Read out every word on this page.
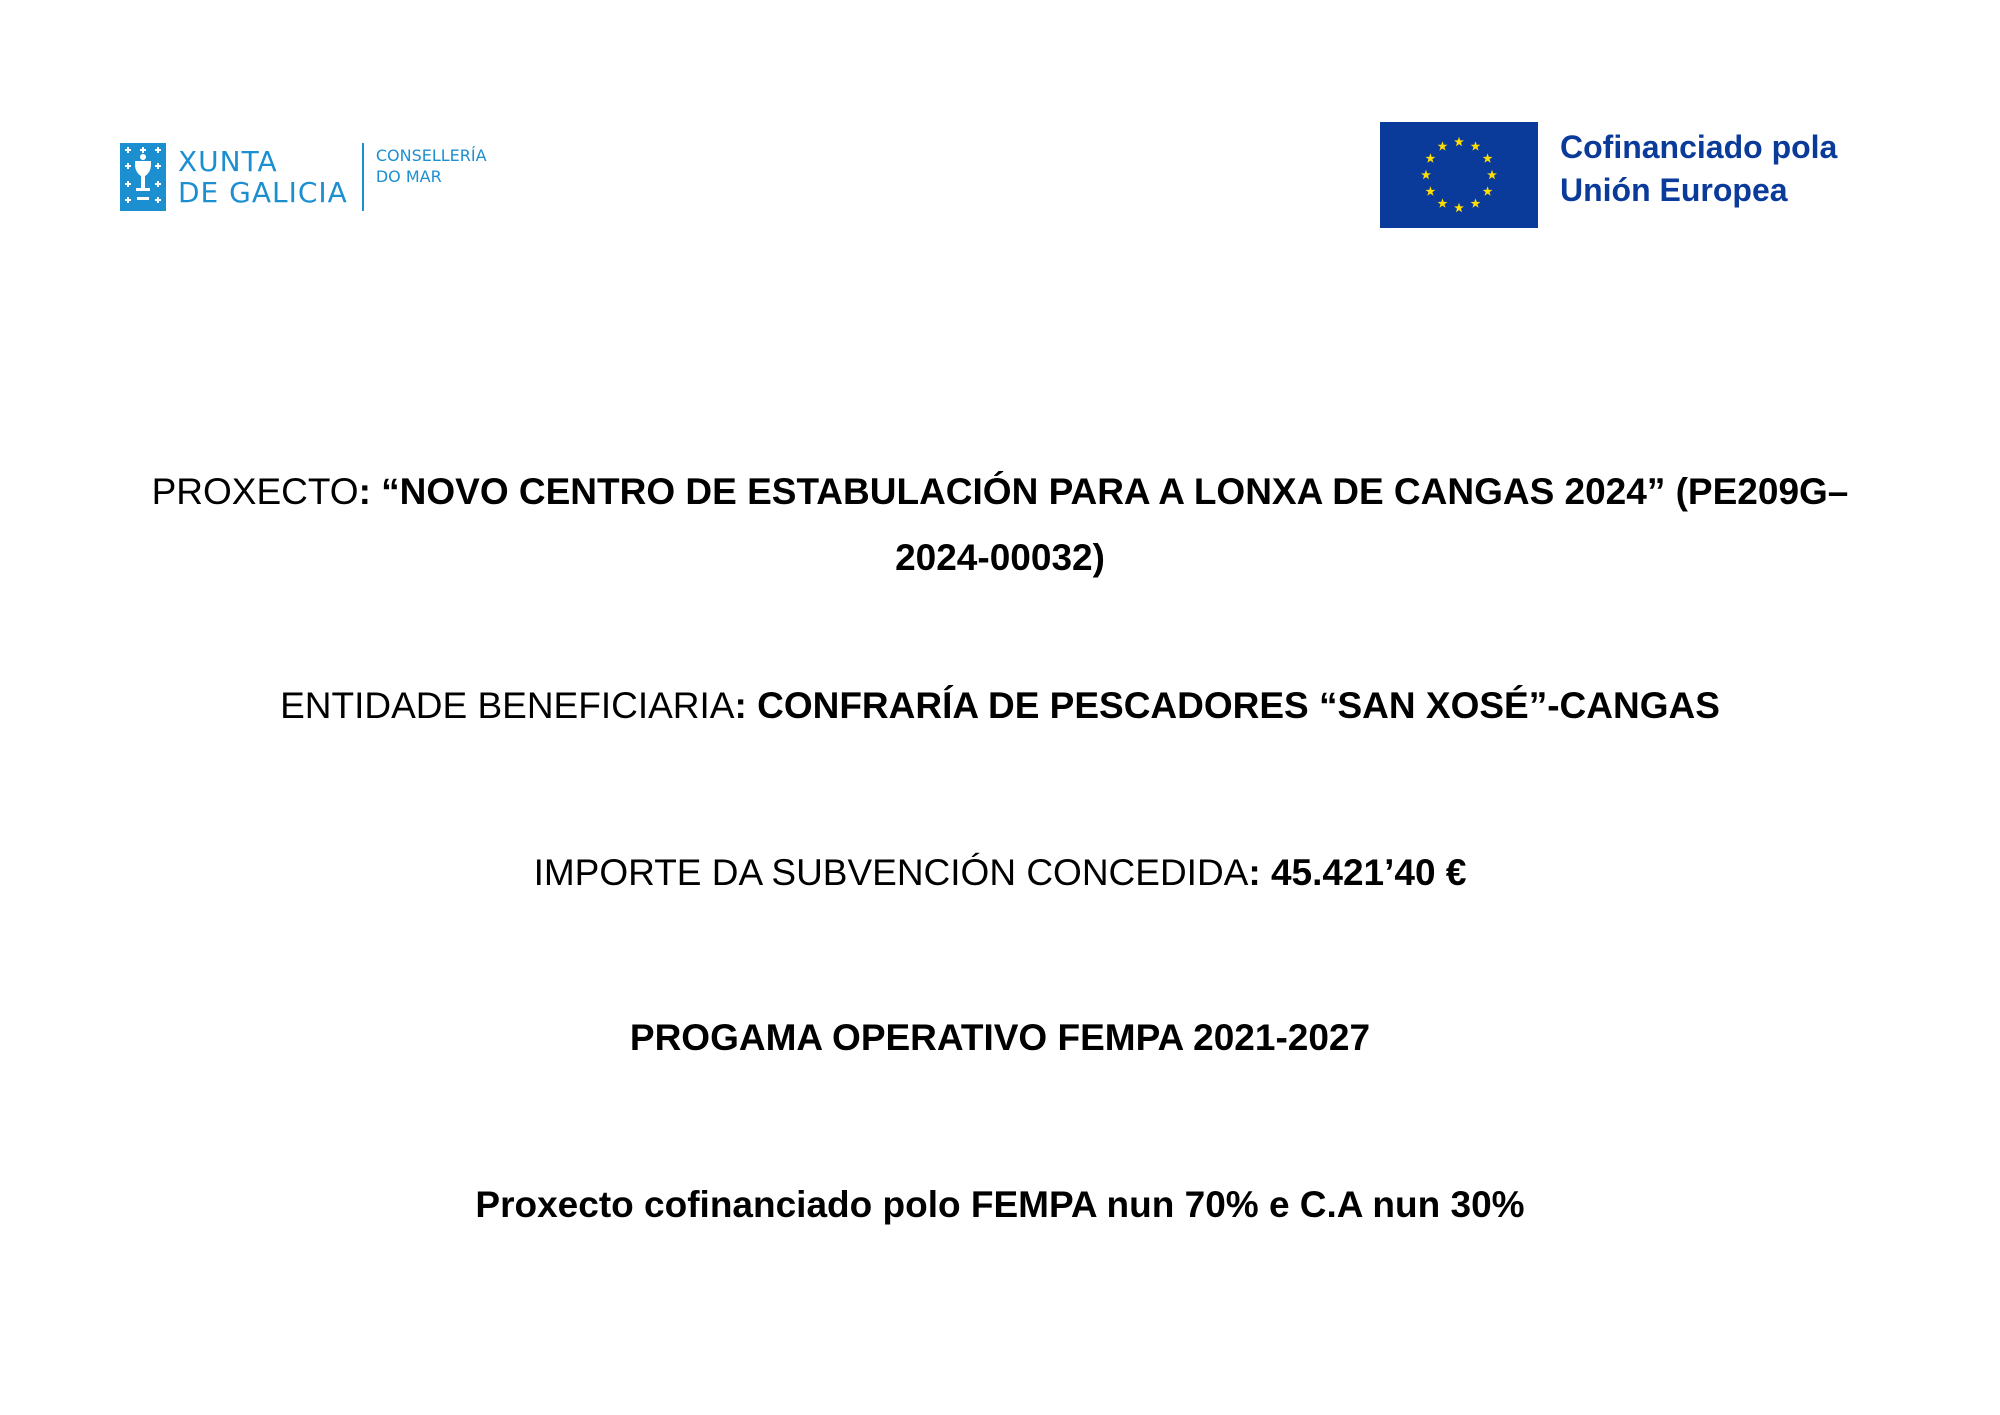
XUNTA
DE GALICIA
CONSELLERÍA
DO MAR
Cofinanciado pola
Unión Europea
PROXECTO: “NOVO CENTRO DE ESTABULACIÓN PARA A LONXA DE CANGAS 2024” (PE209G–
2024-00032)
ENTIDADE BENEFICIARIA: CONFRARÍA DE PESCADORES “SAN XOSÉ”-CANGAS
IMPORTE DA SUBVENCIÓN CONCEDIDA: 45.421’40 €
PROGAMA OPERATIVO FEMPA 2021-2027
Proxecto cofinanciado polo FEMPA nun 70% e C.A nun 30%
